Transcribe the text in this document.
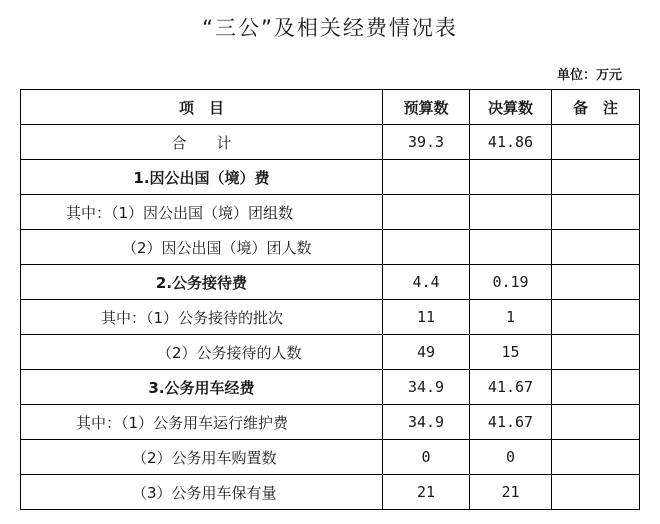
“三公”及相关经费情况表
单位：万元
项　目	预算数	决算数	备　注
合　　计	39.3	41.86	
1.因公出国（境）费			
其中：（1）因公出国（境）团组数			
（2）因公出国（境）团人数			
2.公务接待费	4.4	0.19	
其中：（1）公务接待的批次	11	1	
（2）公务接待的人数	49	15	
3.公务用车经费	34.9	41.67	
其中：（1）公务用车运行维护费	34.9	41.67	
（2）公务用车购置数	0	0	
（3）公务用车保有量	21	21	
